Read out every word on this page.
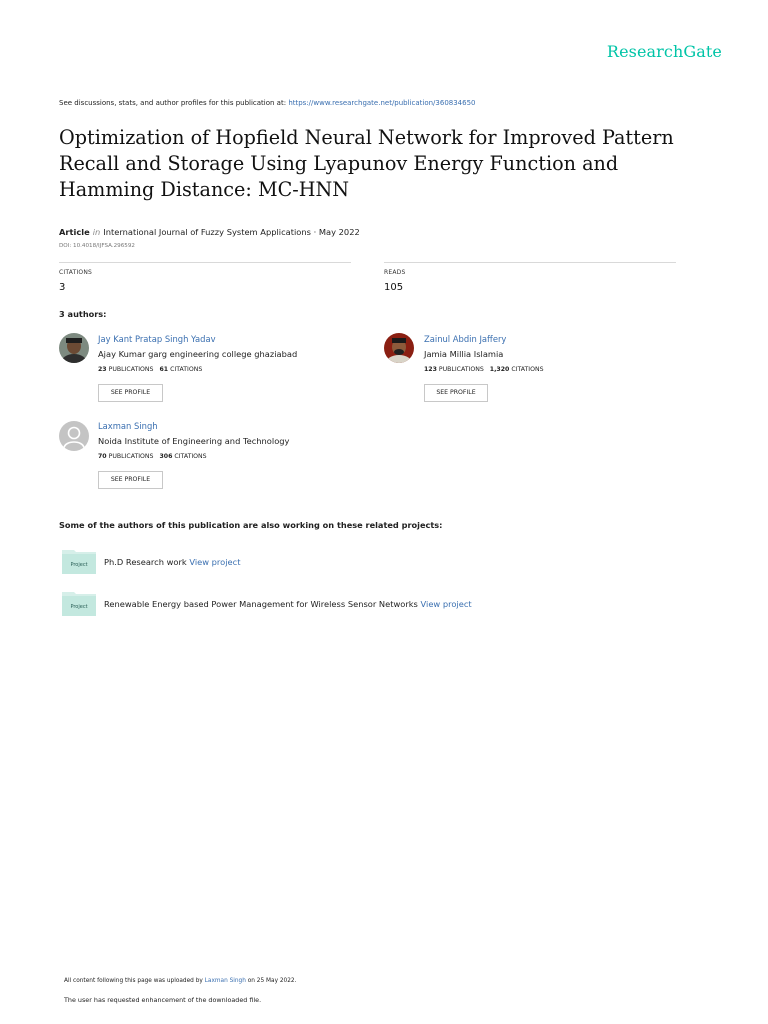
ResearchGate
See discussions, stats, and author profiles for this publication at: https://www.researchgate.net/publication/360834650
Optimization of Hopfield Neural Network for Improved Pattern Recall and Storage Using Lyapunov Energy Function and Hamming Distance: MC-HNN
Article in International Journal of Fuzzy System Applications · May 2022
DOI: 10.4018/IJFSA.296592
CITATIONS
3
READS
105
3 authors:
Jay Kant Pratap Singh Yadav
Ajay Kumar garg engineering college ghaziabad
23 PUBLICATIONS 61 CITATIONS
SEE PROFILE
Zainul Abdin Jaffery
Jamia Millia Islamia
123 PUBLICATIONS 1,320 CITATIONS
SEE PROFILE
Laxman Singh
Noida Institute of Engineering and Technology
70 PUBLICATIONS 306 CITATIONS
SEE PROFILE
Some of the authors of this publication are also working on these related projects:
Project Ph.D Research work View project
Project Renewable Energy based Power Management for Wireless Sensor Networks View project
All content following this page was uploaded by Laxman Singh on 25 May 2022.
The user has requested enhancement of the downloaded file.
